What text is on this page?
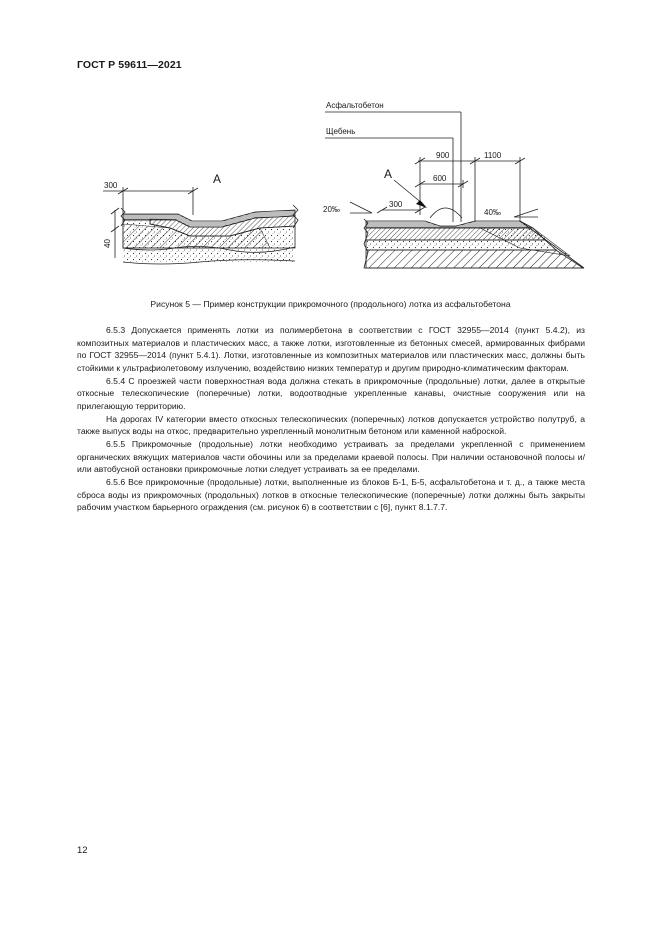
ГОСТ Р 59611—2021
300	А
40
Асфальтобетон
Щебень
900	1100
600
А
300
20‰	40‰
Рисунок 5 — Пример конструкции прикромочного (продольного) лотка из асфальтобетона

6.5.3 Допускается применять лотки из полимербетона в соответствии с ГОСТ 32955—2014 (пункт 5.4.2), из композитных материалов и пластических масс, а также лотки, изготовленные из бетонных смесей, армированных фибрами по ГОСТ 32955—2014 (пункт 5.4.1). Лотки, изготовленные из композитных материалов или пластических масс, должны быть стойкими к ультрафиолетовому излучению, воздействию низких температур и другим природно-климатическим факторам.

6.5.4 С проезжей части поверхностная вода должна стекать в прикромочные (продольные) лотки, далее в открытые откосные телескопические (поперечные) лотки, водоотводные укрепленные канавы, очистные сооружения или на прилегающую территорию.

На дорогах IV категории вместо откосных телескопических (поперечных) лотков допускается устройство полутруб, а также выпуск воды на откос, предварительно укрепленный монолитным бетоном или каменной наброской.

6.5.5 Прикромочные (продольные) лотки необходимо устраивать за пределами укрепленной с применением органических вяжущих материалов части обочины или за пределами краевой полосы. При наличии остановочной полосы и/или автобусной остановки прикромочные лотки следует устраивать за ее пределами.

6.5.6 Все прикромочные (продольные) лотки, выполненные из блоков Б-1, Б-5, асфальтобетона и т. д., а также места сброса воды из прикромочных (продольных) лотков в откосные телескопические (поперечные) лотки должны быть закрыты рабочим участком барьерного ограждения (см. рисунок 6) в соответствии с [6], пункт 8.1.7.7.

12
